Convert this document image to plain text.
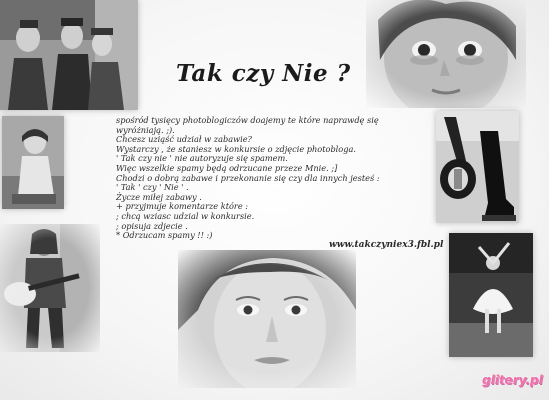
Tak czy Nie ?
spośród tysięcy photoblogiczów doajemy te które naprawdę się
wyróżniają. ;).
Chcesz uziąść udział w zabawie?
Wystarczy , że staniesz w konkursie o zdjęcie photobloga.
' Tak czy nie ' nie autoryzuje się spamem.
Więc wszelkie spamy będą odrzucane przeze Mnie. ;]
Chodzi o dobrą zabawe i przekonanie się czy dla innych jesteś :
' Tak ' czy ' Nie ' .
Życze miłej zabawy .
+ przyjmuje komentarze które :
; chcą wziasc udzial w konkursie.
; opisuja zdjecie .
* Odrzucam spamy !! :)
www.takczyniex3.fbl.pl
glitery.pl
